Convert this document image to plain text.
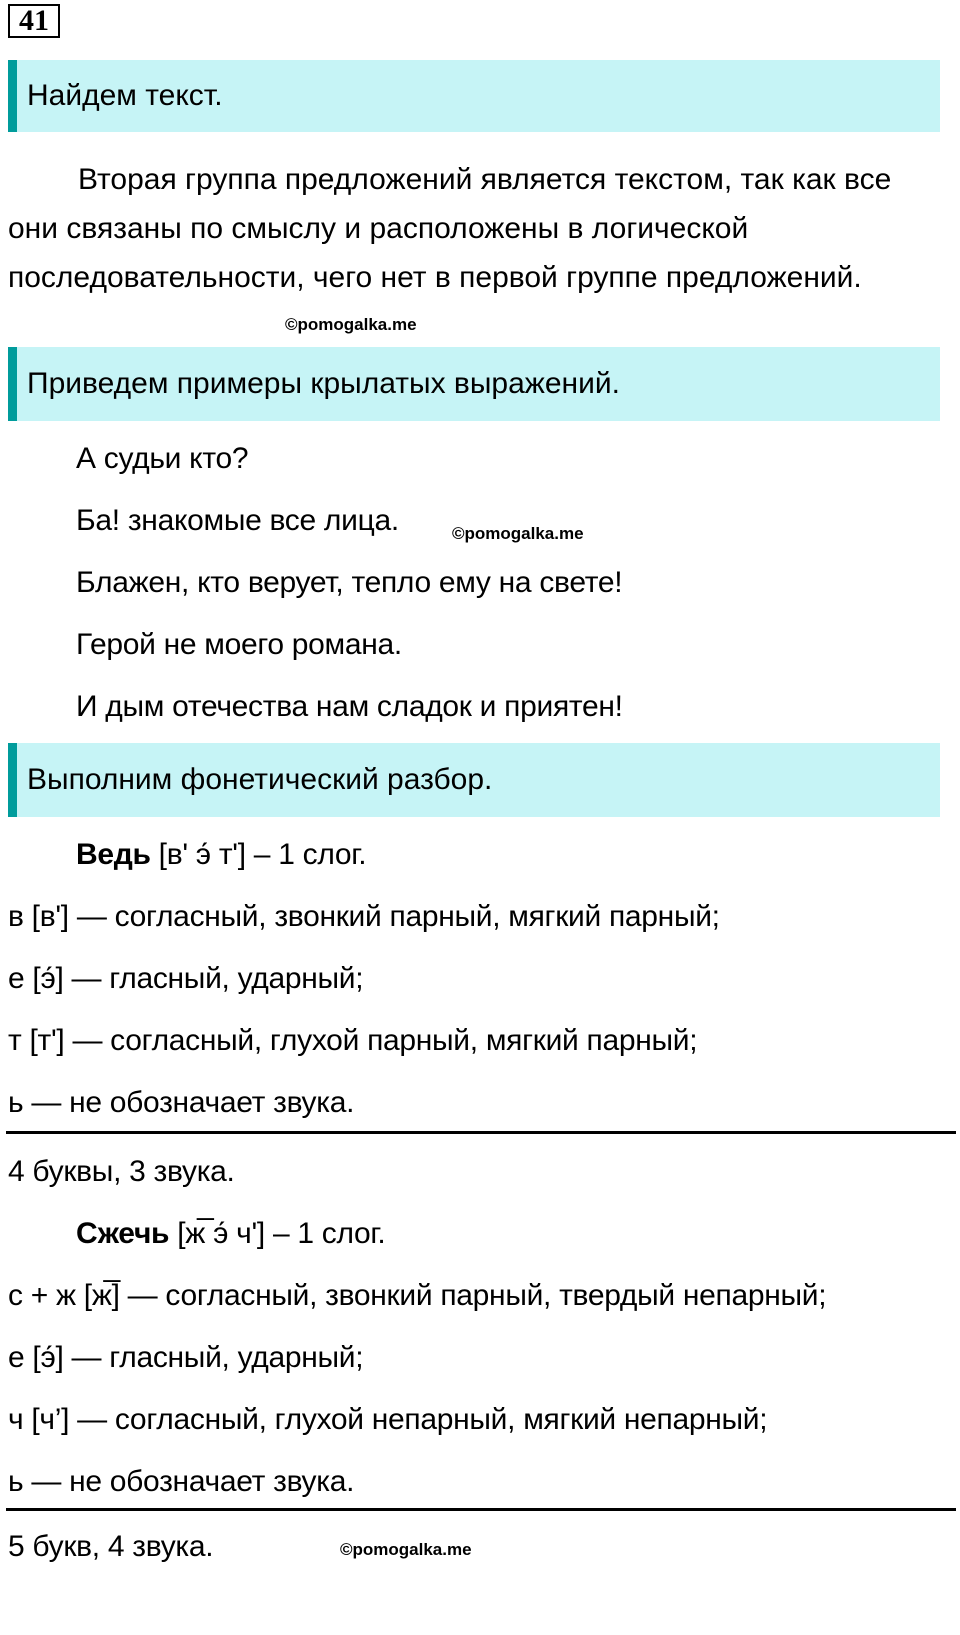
41
Найдем текст.
Вторая группа предложений является текстом, так как все они связаны по смыслу и расположены в логической последовательности, чего нет в первой группе предложений.
©pomogalka.me
Приведем примеры крылатых выражений.
А судьи кто?
Ба! знакомые все лица.	©pomogalka.me
Блажен, кто верует, тепло ему на свете!
Герой не моего романа.
И дым отечества нам сладок и приятен!
Выполним фонетический разбор.
Ведь [в' э́ т'] – 1 слог.
в [в'] — согласный, звонкий парный, мягкий парный;
е [э́] — гласный, ударный;
т [т'] — согласный, глухой парный, мягкий парный;
ь — не обозначает звука.
4 буквы, 3 звука.
Сжечь [ж̅ э́ ч'] – 1 слог.
с + ж [ж̅] — согласный, звонкий парный, твердый непарный;
е [э́] — гласный, ударный;
ч [ч’] — согласный, глухой непарный, мягкий непарный;
ь — не обозначает звука.
5 букв, 4 звука.	©pomogalka.me
